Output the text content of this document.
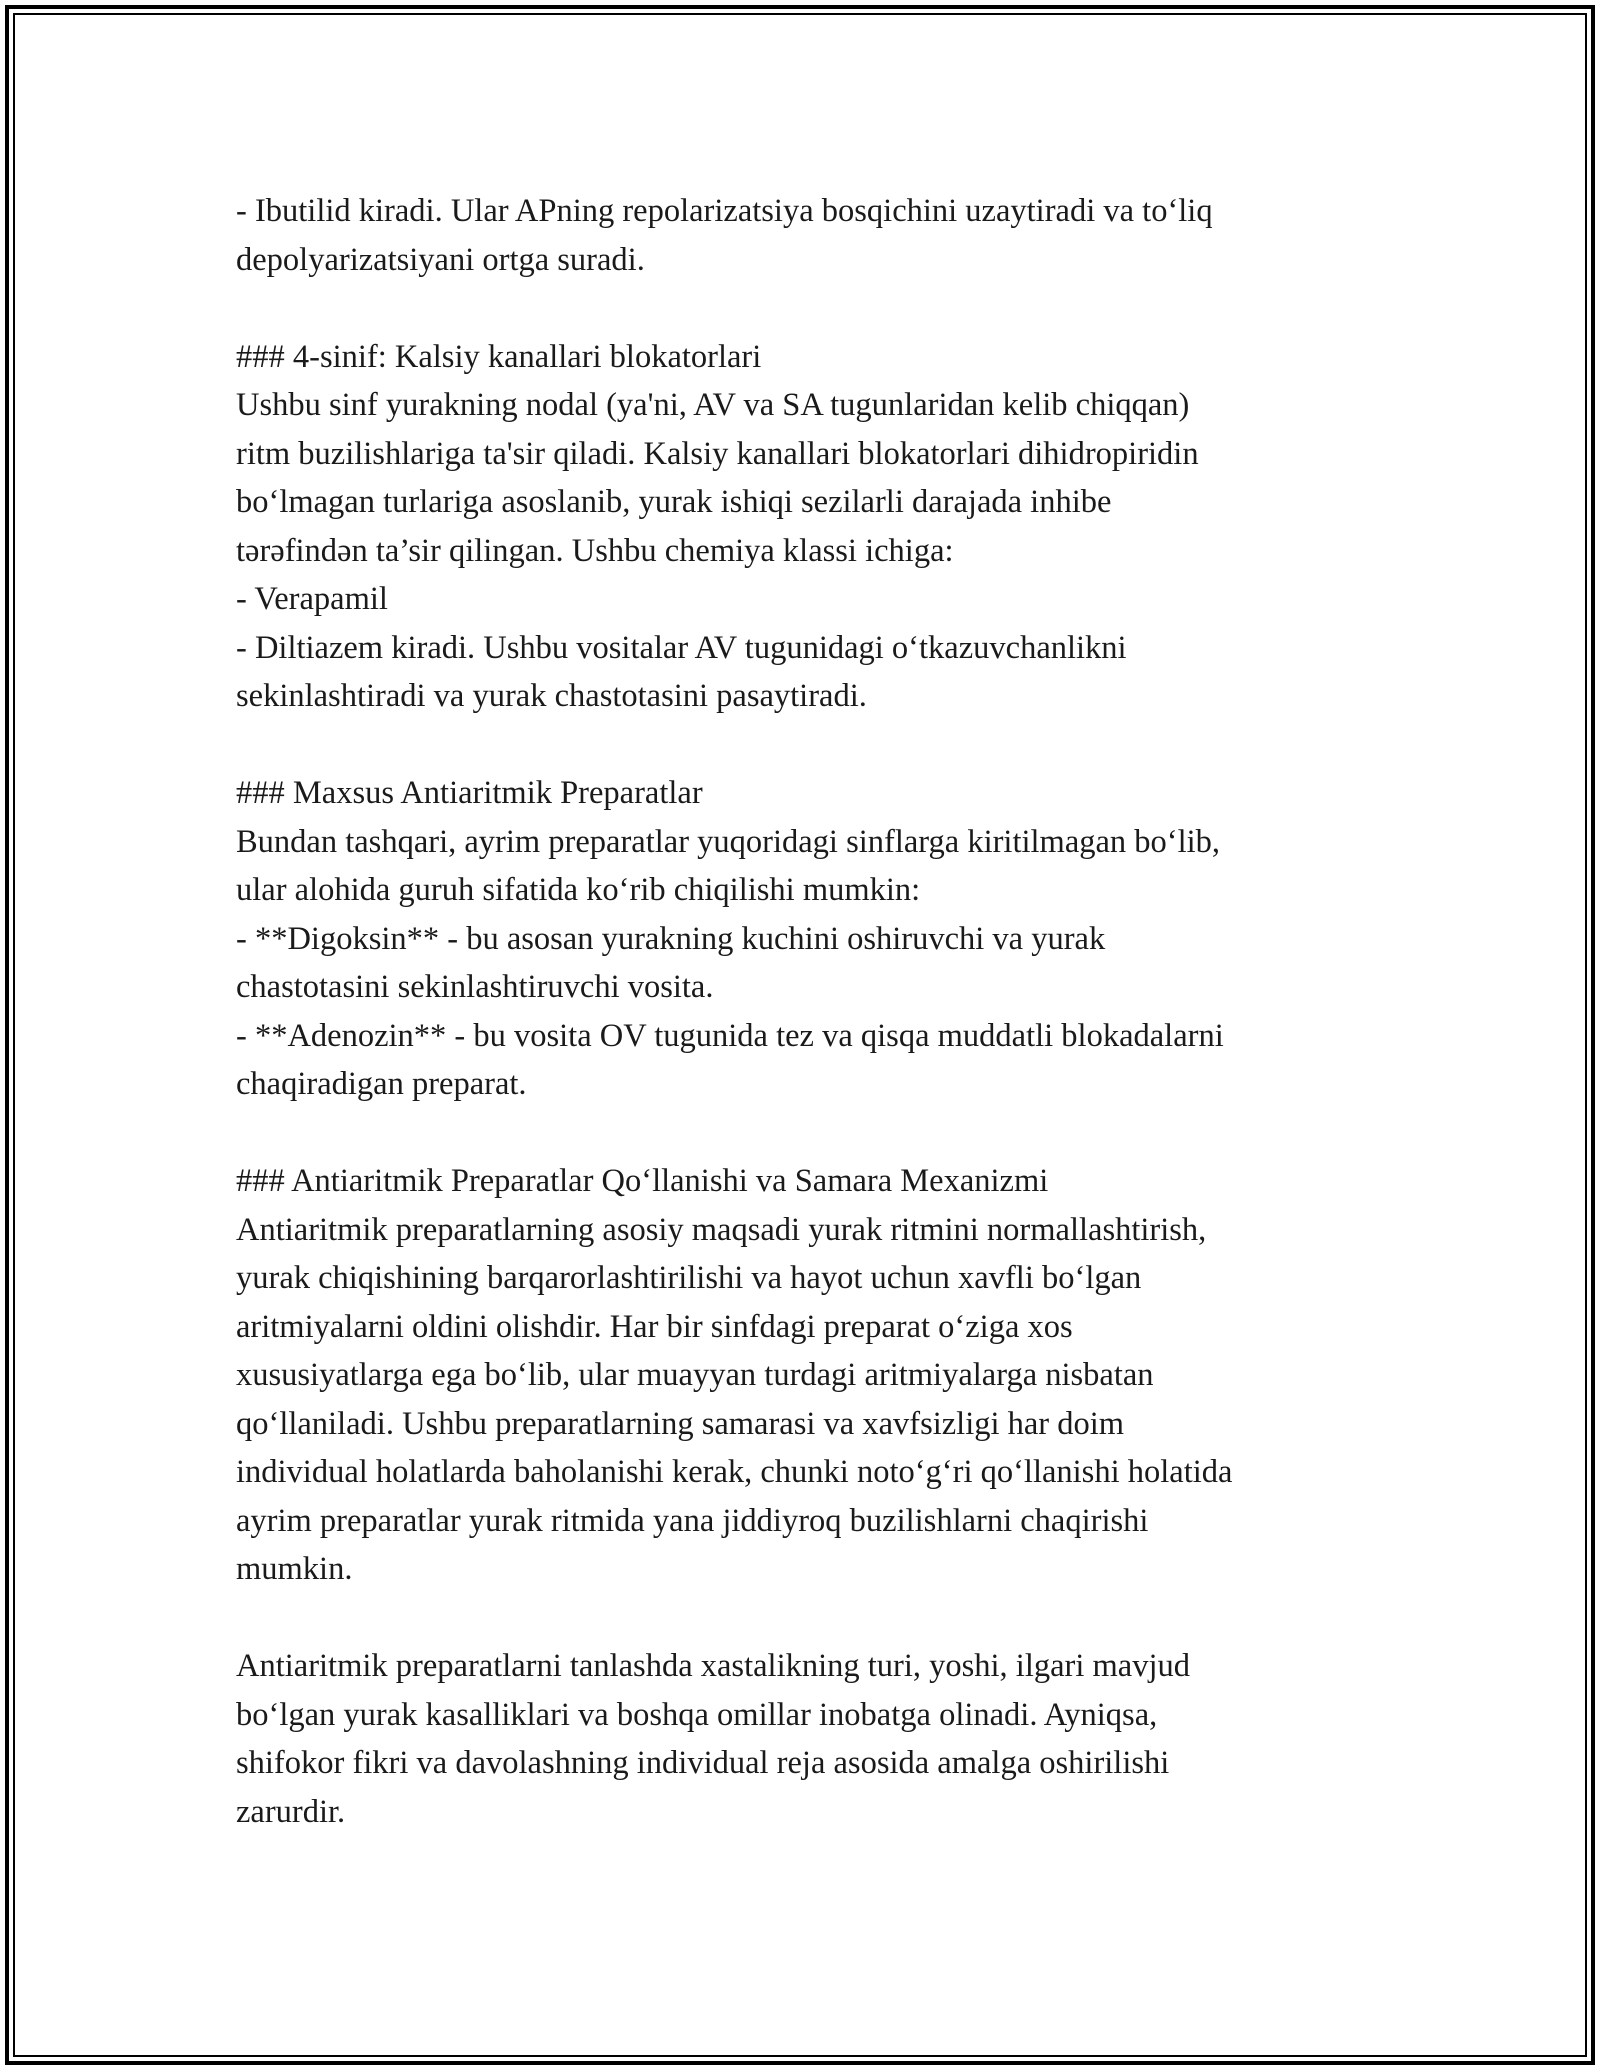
- Ibutilid kiradi. Ular APning repolarizatsiya bosqichini uzaytiradi va to‘liq
depolyarizatsiyani ortga suradi.
### 4-sinif: Kalsiy kanallari blokatorlari
Ushbu sinf yurakning nodal (ya'ni, AV va SA tugunlaridan kelib chiqqan)
ritm buzilishlariga ta'sir qiladi. Kalsiy kanallari blokatorlari dihidropiridin
bo‘lmagan turlariga asoslanib, yurak ishiqi sezilarli darajada inhibe
tərəfindən ta’sir qilingan. Ushbu chemiya klassi ichiga:
- Verapamil
- Diltiazem kiradi. Ushbu vositalar AV tugunidagi o‘tkazuvchanlikni
sekinlashtiradi va yurak chastotasini pasaytiradi.
### Maxsus Antiaritmik Preparatlar
Bundan tashqari, ayrim preparatlar yuqoridagi sinflarga kiritilmagan bo‘lib,
ular alohida guruh sifatida ko‘rib chiqilishi mumkin:
- **Digoksin** - bu asosan yurakning kuchini oshiruvchi va yurak
chastotasini sekinlashtiruvchi vosita.
- **Adenozin** - bu vosita OV tugunida tez va qisqa muddatli blokadalarni
chaqiradigan preparat.
### Antiaritmik Preparatlar Qo‘llanishi va Samara Mexanizmi
Antiaritmik preparatlarning asosiy maqsadi yurak ritmini normallashtirish,
yurak chiqishining barqarorlashtirilishi va hayot uchun xavfli bo‘lgan
aritmiyalarni oldini olishdir. Har bir sinfdagi preparat o‘ziga xos
xususiyatlarga ega bo‘lib, ular muayyan turdagi aritmiyalarga nisbatan
qo‘llaniladi. Ushbu preparatlarning samarasi va xavfsizligi har doim
individual holatlarda baholanishi kerak, chunki noto‘g‘ri qo‘llanishi holatida
ayrim preparatlar yurak ritmida yana jiddiyroq buzilishlarni chaqirishi
mumkin.
Antiaritmik preparatlarni tanlashda xastalikning turi, yoshi, ilgari mavjud
bo‘lgan yurak kasalliklari va boshqa omillar inobatga olinadi. Ayniqsa,
shifokor fikri va davolashning individual reja asosida amalga oshirilishi
zarurdir.
